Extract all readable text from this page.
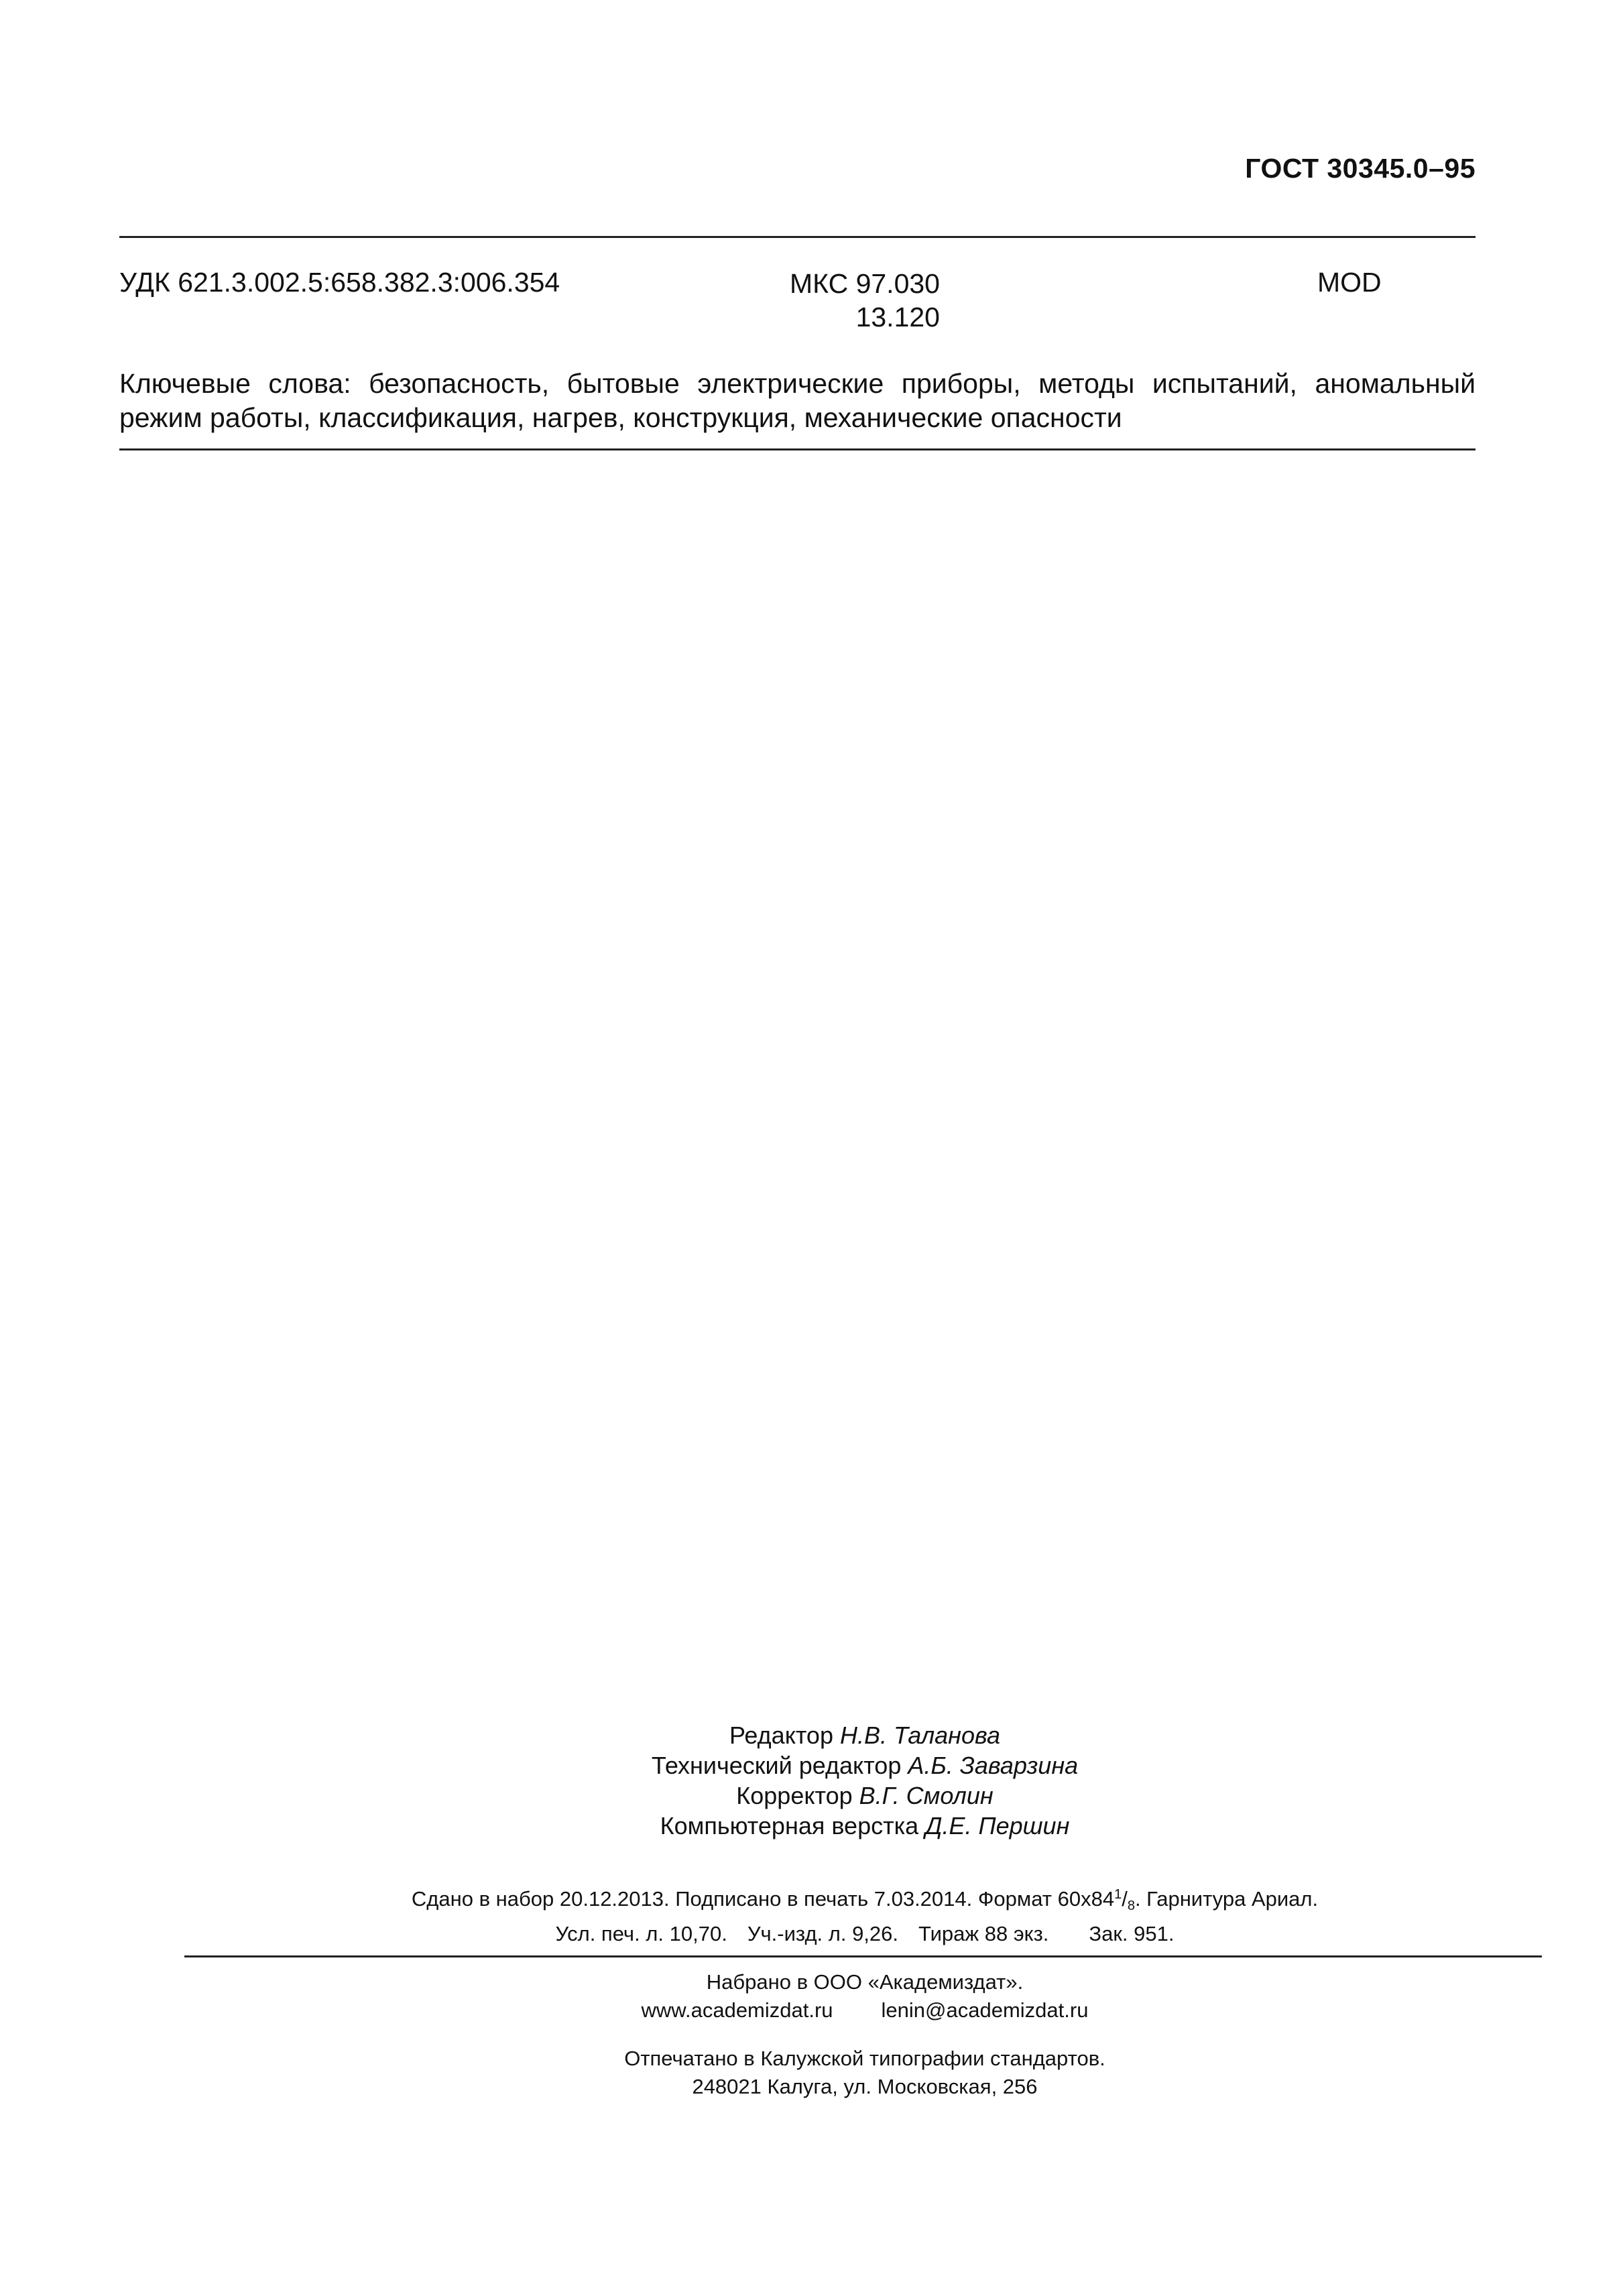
ГОСТ 30345.0–95
УДК 621.3.002.5:658.382.3:006.354	МКС 97.030
13.120
MOD
Ключевые слова: безопасность, бытовые электрические приборы, методы испытаний, аномальный режим работы, классификация, нагрев, конструкция, механические опасности
Редактор Н.В. Таланова
Технический редактор А.Б. Заварзина
Корректор В.Г. Смолин
Компьютерная верстка Д.Е. Першин
Сдано в набор 20.12.2013. Подписано в печать 7.03.2014. Формат $60х84^1/_8$. Гарнитура Ариал.
Усл. печ. л. 10,70. Уч.-изд. л. 9,26. Тираж 88 экз. Зак. 951.
Набрано в ООО «Академиздат».
www.academizdat.ru lenin@academizdat.ru
Отпечатано в Калужской типографии стандартов.
248021 Калуга, ул. Московская, 256
